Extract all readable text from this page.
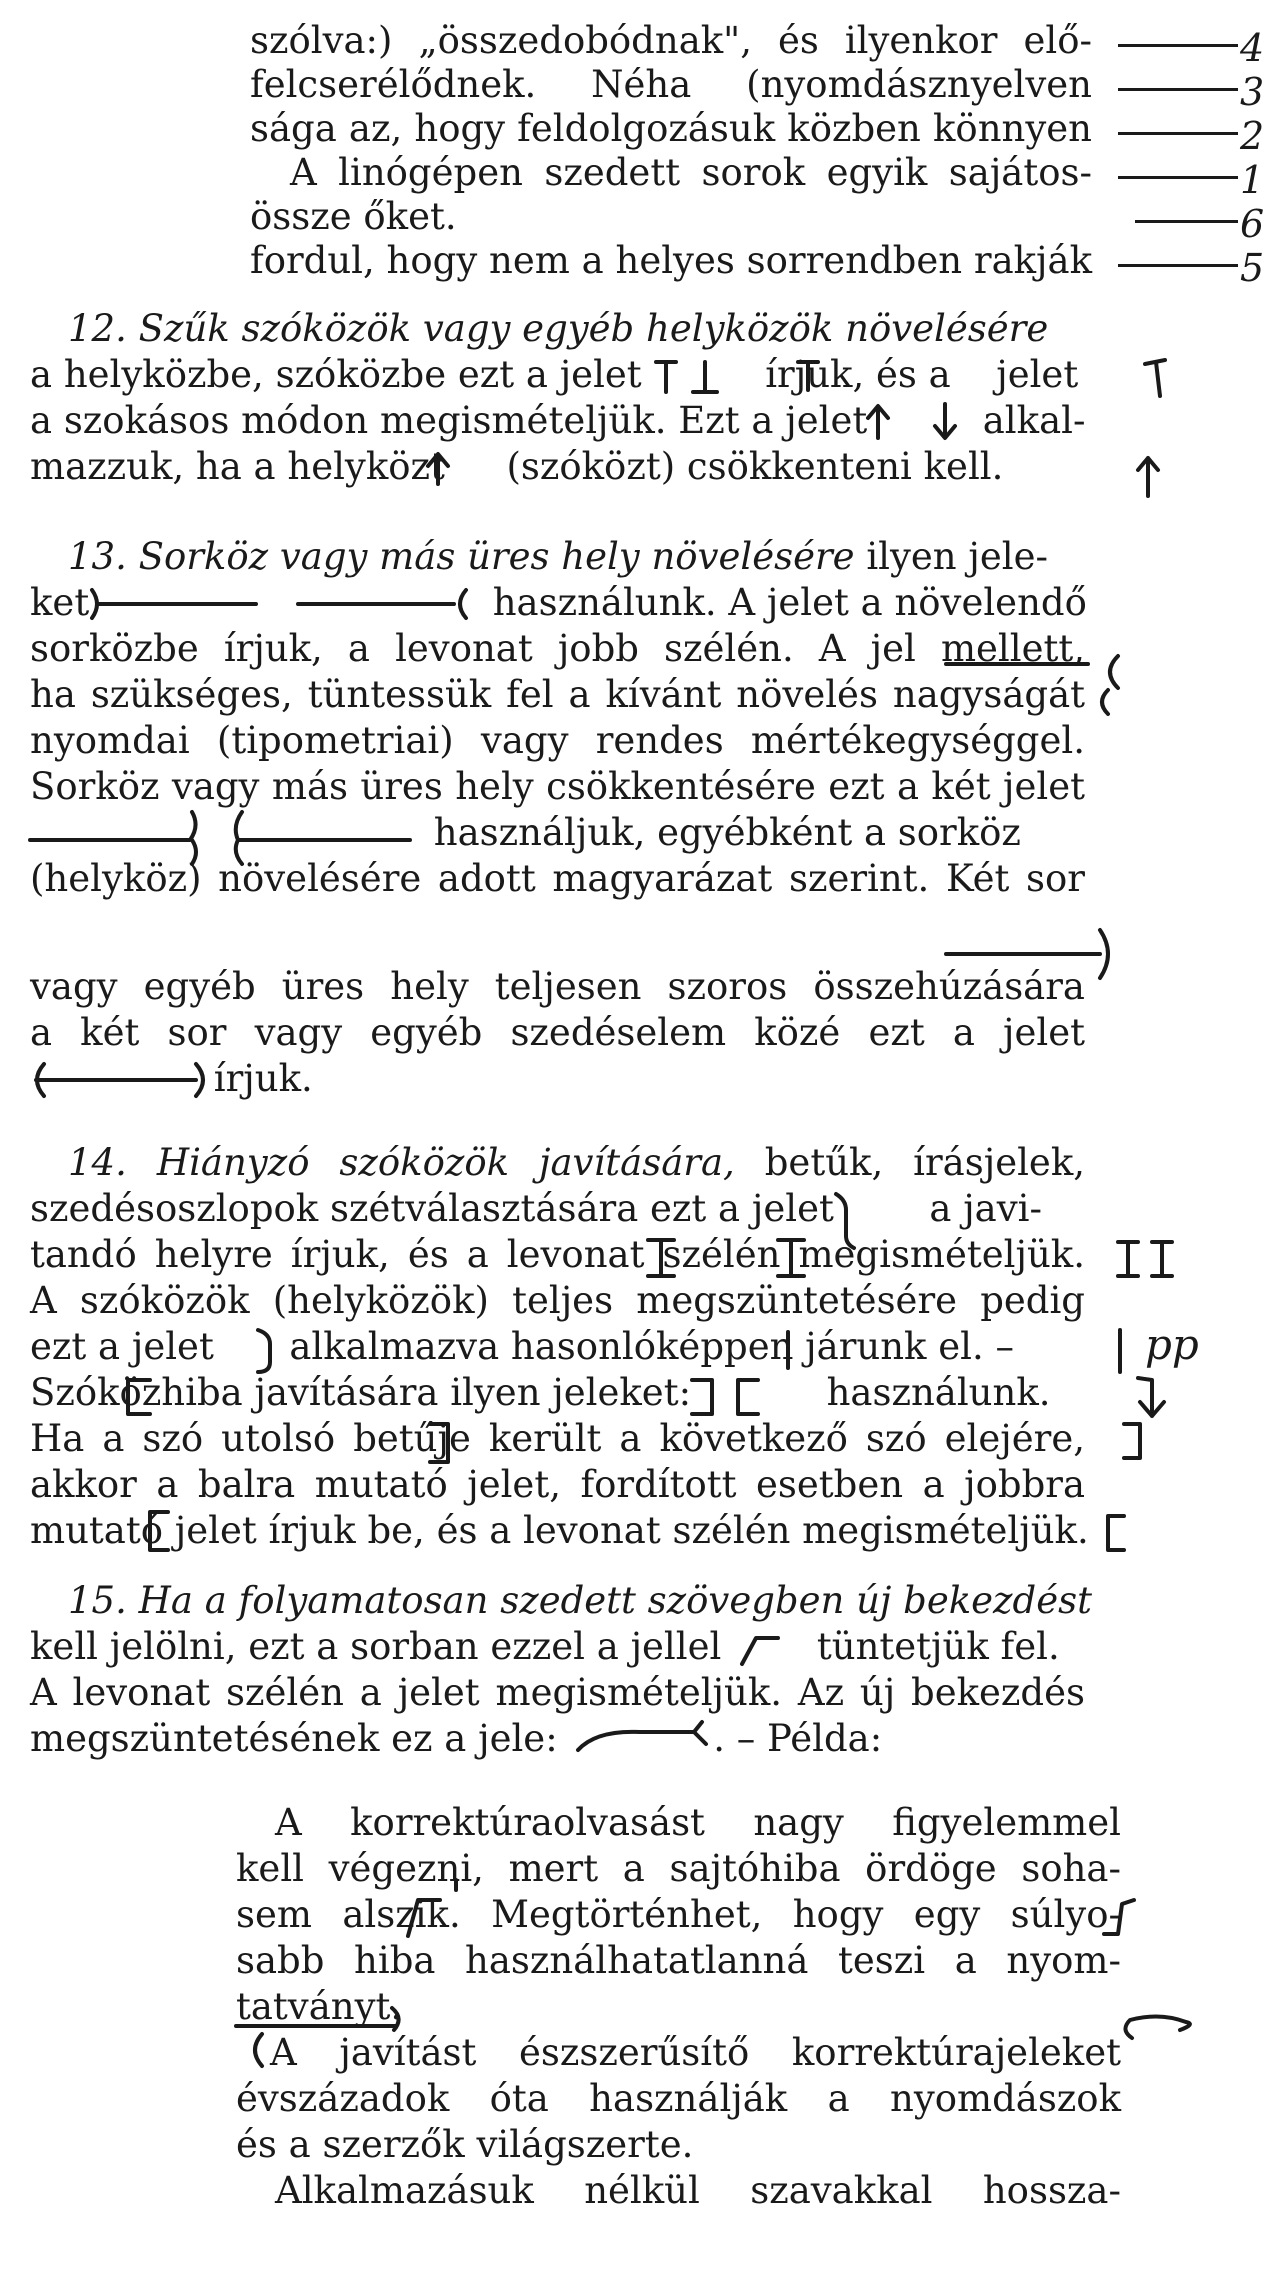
szólva:) „összedobódnak", és ilyenkor elő-
felcserélődnek. Néha (nyomdásznyelven
sága az, hogy feldolgozásuk közben könnyen
A linógépen szedett sorok egyik sajátos-
össze őket.
fordul, hogy nem a helyes sorrendben rakják
4
3
2
1
6
5
12. Szűk szóközök vagy egyéb helyközök növelésére
a helyközbe, szóközbe ezt a jelet	írjuk, és a jelet
a szokásos módon megismételjük. Ezt a jelet	alkal-
mazzuk, ha a helyközt (szóközt) csökkenteni kell.
13. Sorköz vagy más üres hely növelésére ilyen jele-
ket	használunk. A jelet a növelendő
sorközbe írjuk, a levonat jobb szélén. A jel mellett,
ha szükséges, tüntessük fel a kívánt növelés nagyságát
nyomdai (tipometriai) vagy rendes mértékegységgel.
Sorköz vagy más üres hely csökkentésére ezt a két jelet
használjuk, egyébként a sorköz
(helyköz) növelésére adott magyarázat szerint. Két sor
vagy egyéb üres hely teljesen szoros összehúzására
a két sor vagy egyéb szedéselem közé ezt a jelet
írjuk.
14. Hiányzó szóközök javítására, betűk, írásjelek,
szedésoszlopok szétválasztására ezt a jelet	a javi-
tandó helyre írjuk, és a levonat szélén megismételjük.
A szóközök (helyközök) teljes megszüntetésére pedig
ezt a jelet alkalmazva hasonlóképpen járunk el. –
Szóközhiba javítására ilyen jeleket:	használunk.
Ha a szó utolsó betűje került a következő szó elejére,
akkor a balra mutató jelet, fordított esetben a jobbra
mutató jelet írjuk be, és a levonat szélén megismételjük.
pp
15. Ha a folyamatosan szedett szövegben új bekezdést
kell jelölni, ezt a sorban ezzel a jellel	tüntetjük fel.
A levonat szélén a jelet megismételjük. Az új bekezdés
megszüntetésének ez a jele:	. – Példa:
A korrektúraolvasást nagy figyelemmel
kell végezni, mert a sajtóhiba ördöge soha-
sem alszik. Megtörténhet, hogy egy súlyo-
sabb hiba használhatatlanná teszi a nyom-
tatványt.
A javítást észszerűsítő korrektúrajeleket
évszázadok óta használják a nyomdászok
és a szerzők világszerte.
Alkalmazásuk nélkül szavakkal hossza-
